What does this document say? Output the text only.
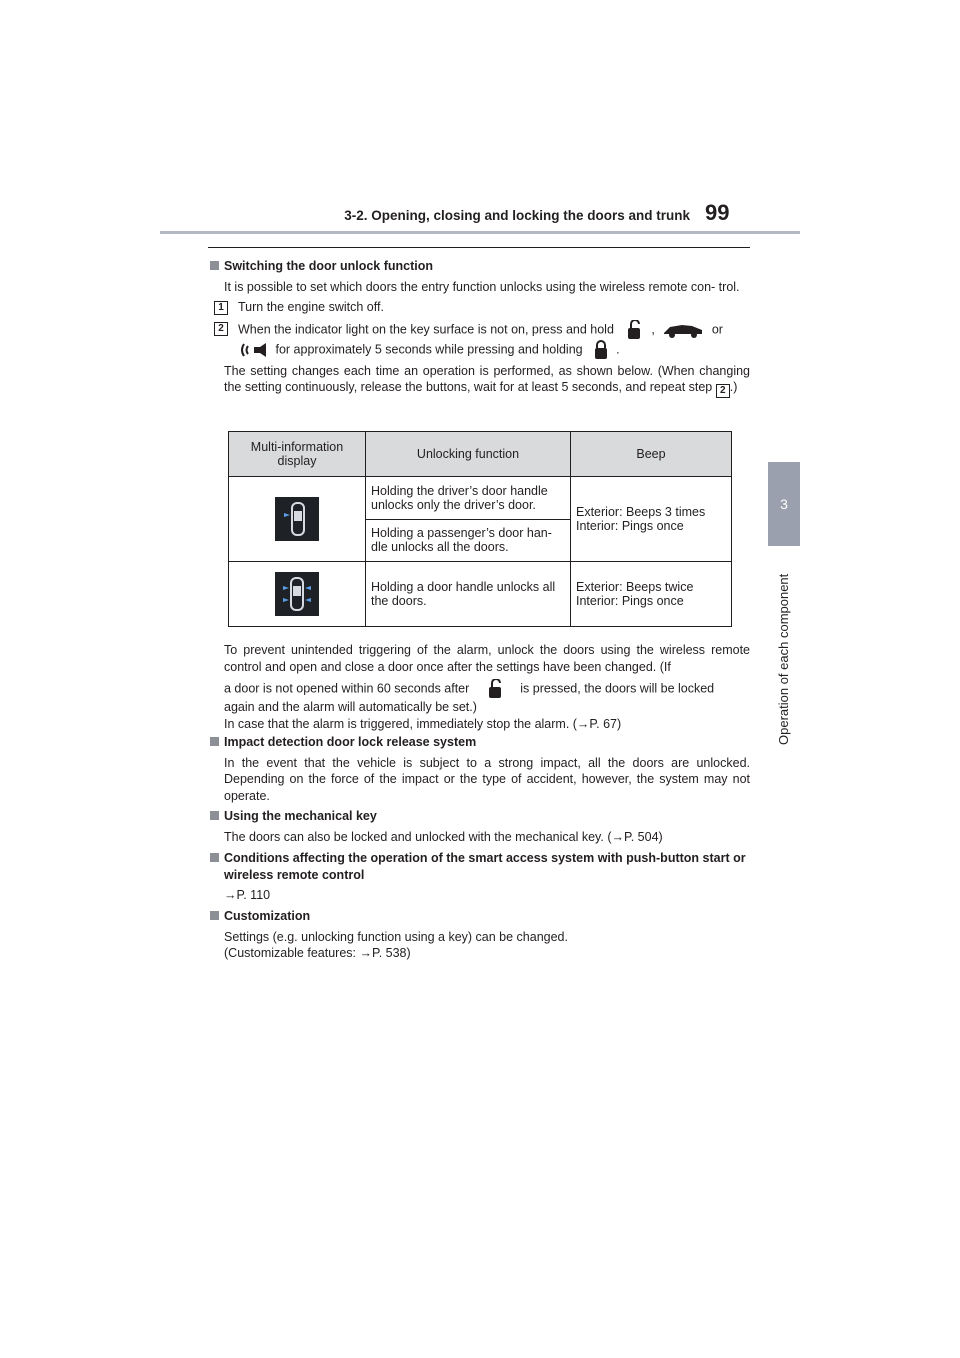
3-2. Opening, closing and locking the doors and trunk 99
3
Operation of each component
Switching the door unlock function
It is possible to set which doors the entry function unlocks using the wireless remote con- trol.
1	Turn the engine switch off.
2	When the indicator light on the key surface is not on, press and hold	,	or
for approximately 5 seconds while pressing and holding	.
The setting changes each time an operation is performed, as shown below. (When changing the setting continuously, release the buttons, wait for at least 5 seconds, and repeat step 2 .)
Multi-information display	Unlocking function	Beep

	Holding the driver’s door handle unlocks only the driver’s door.	Exterior: Beeps 3 times
Interior: Pings once

	Holding a passenger’s door han- dle unlocks all the doors.	

	Holding a door handle unlocks all the doors.	Exterior: Beeps twice
Interior: Pings once
To prevent unintended triggering of the alarm, unlock the doors using the wireless remote control and open and close a door once after the settings have been changed. (If
a door is not opened within 60 seconds after	is pressed, the doors will be locked
again and the alarm will automatically be set.)
In case that the alarm is triggered, immediately stop the alarm. (→P. 67)
Impact detection door lock release system
In the event that the vehicle is subject to a strong impact, all the doors are unlocked. Depending on the force of the impact or the type of accident, however, the system may not operate.
Using the mechanical key
The doors can also be locked and unlocked with the mechanical key. (→P. 504)
Conditions affecting the operation of the smart access system with push-button start or wireless remote control
→P. 110
Customization
Settings (e.g. unlocking function using a key) can be changed.
(Customizable features: →P. 538)
